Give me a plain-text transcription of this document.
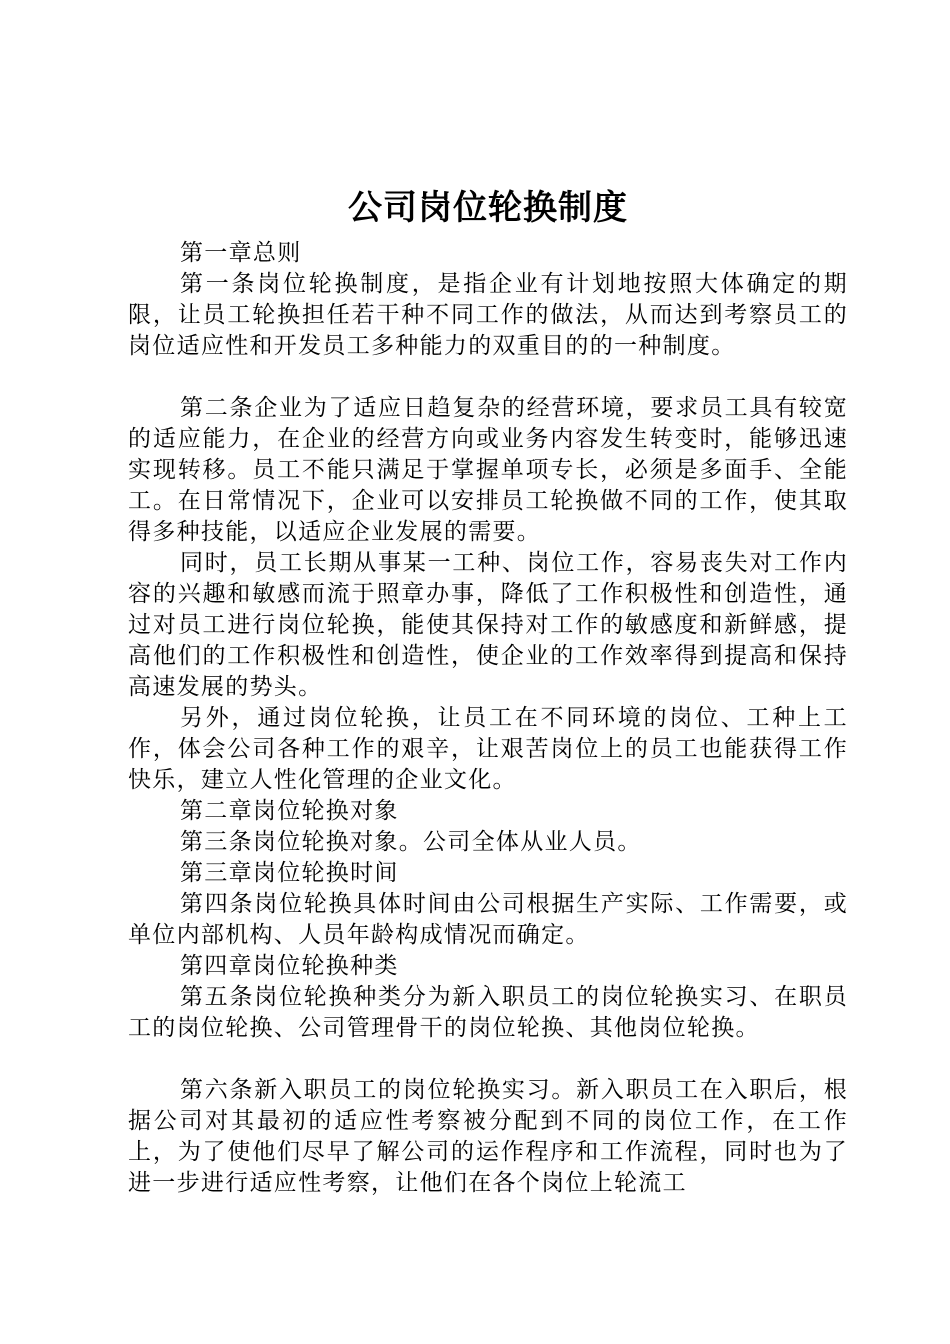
公司岗位轮换制度

第一章总则

第一条岗位轮换制度，是指企业有计划地按照大体确定的期限，让员工轮换担任若干种不同工作的做法，从而达到考察员工的岗位适应性和开发员工多种能力的双重目的的一种制度。

第二条企业为了适应日趋复杂的经营环境，要求员工具有较宽的适应能力，在企业的经营方向或业务内容发生转变时，能够迅速实现转移。员工不能只满足于掌握单项专长，必须是多面手、全能工。在日常情况下，企业可以安排员工轮换做不同的工作，使其取得多种技能，以适应企业发展的需要。

同时，员工长期从事某一工种、岗位工作，容易丧失对工作内容的兴趣和敏感而流于照章办事，降低了工作积极性和创造性，通过对员工进行岗位轮换，能使其保持对工作的敏感度和新鲜感，提高他们的工作积极性和创造性，使企业的工作效率得到提高和保持高速发展的势头。

另外，通过岗位轮换，让员工在不同环境的岗位、工种上工作，体会公司各种工作的艰辛，让艰苦岗位上的员工也能获得工作快乐，建立人性化管理的企业文化。

第二章岗位轮换对象

第三条岗位轮换对象。公司全体从业人员。

第三章岗位轮换时间

第四条岗位轮换具体时间由公司根据生产实际、工作需要，或单位内部机构、人员年龄构成情况而确定。

第四章岗位轮换种类

第五条岗位轮换种类分为新入职员工的岗位轮换实习、在职员工的岗位轮换、公司管理骨干的岗位轮换、其他岗位轮换。

第六条新入职员工的岗位轮换实习。新入职员工在入职后，根据公司对其最初的适应性考察被分配到不同的岗位工作，在工作上，为了使他们尽早了解公司的运作程序和工作流程，同时也为了进一步进行适应性考察，让他们在各个岗位上轮流工
